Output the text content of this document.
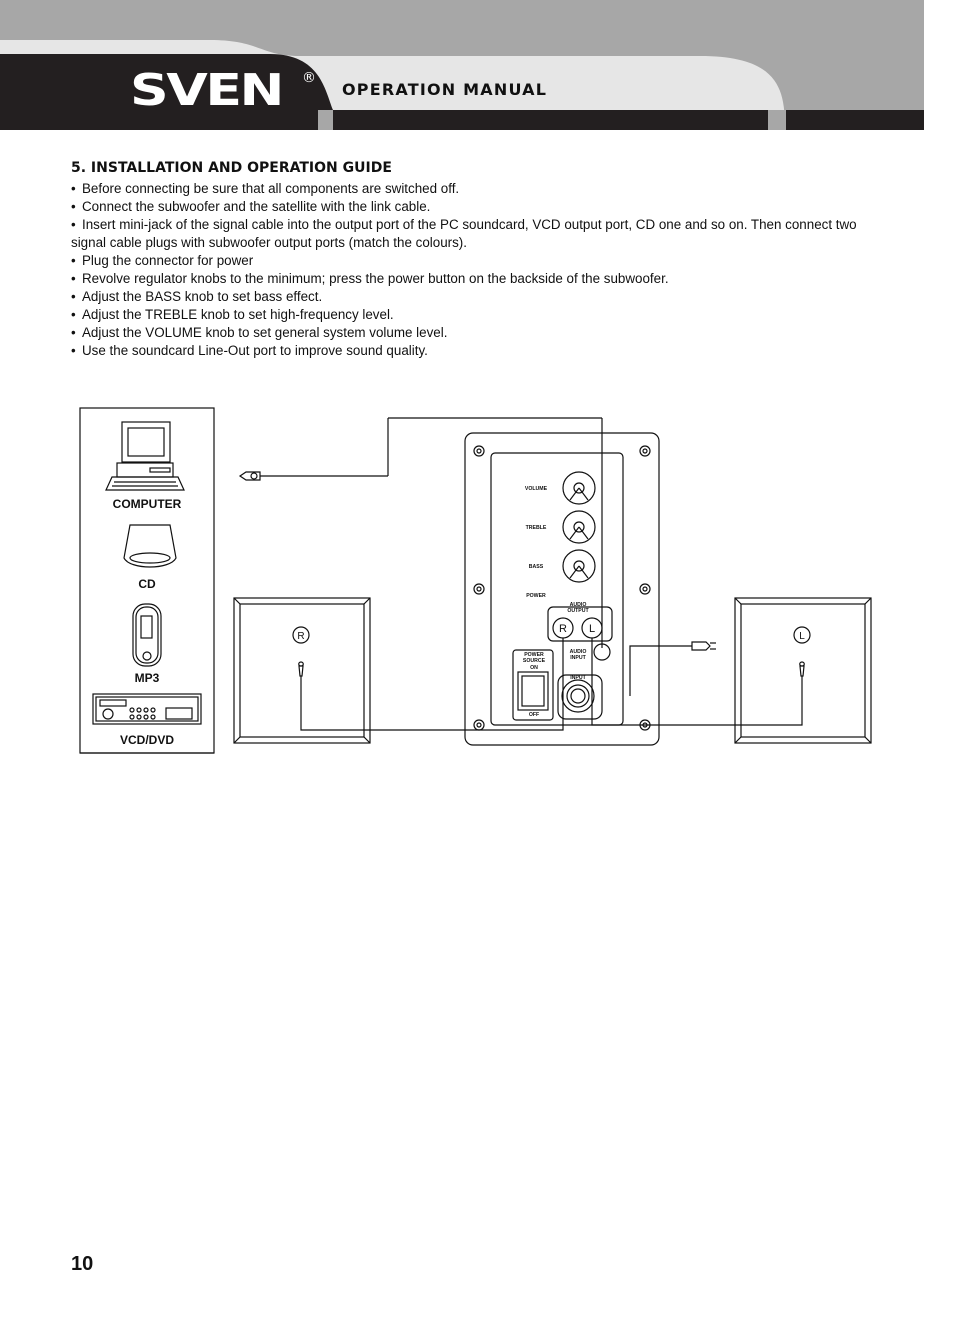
SVEN ®
OPERATION MANUAL
5. INSTALLATION AND OPERATION GUIDE
• Before connecting be sure that all components are switched off.
• Connect the subwoofer and the satellite with the link cable.
• Insert mini-jack of the signal cable into the output port of the PC soundcard, VCD output port, CD one and so on. Then connect two signal cable plugs with subwoofer output ports (match the colours).
• Plug the connector for power
• Revolve regulator knobs to the minimum; press the power button on the backside of the subwoofer.
• Adjust the BASS knob to set bass effect.
• Adjust the TREBLE knob to set high-frequency level.
• Adjust the VOLUME knob to set general system volume level.
• Use the soundcard Line-Out port to improve sound quality.
COMPUTER
CD
MP3
VCD/DVD
VOLUME
TREBLE
BASS
POWER
AUDIO
OUTPUT
AUDIO
INPUT
POWER
SOURCE
ON
OFF
INPUT
R L
R	L
10
